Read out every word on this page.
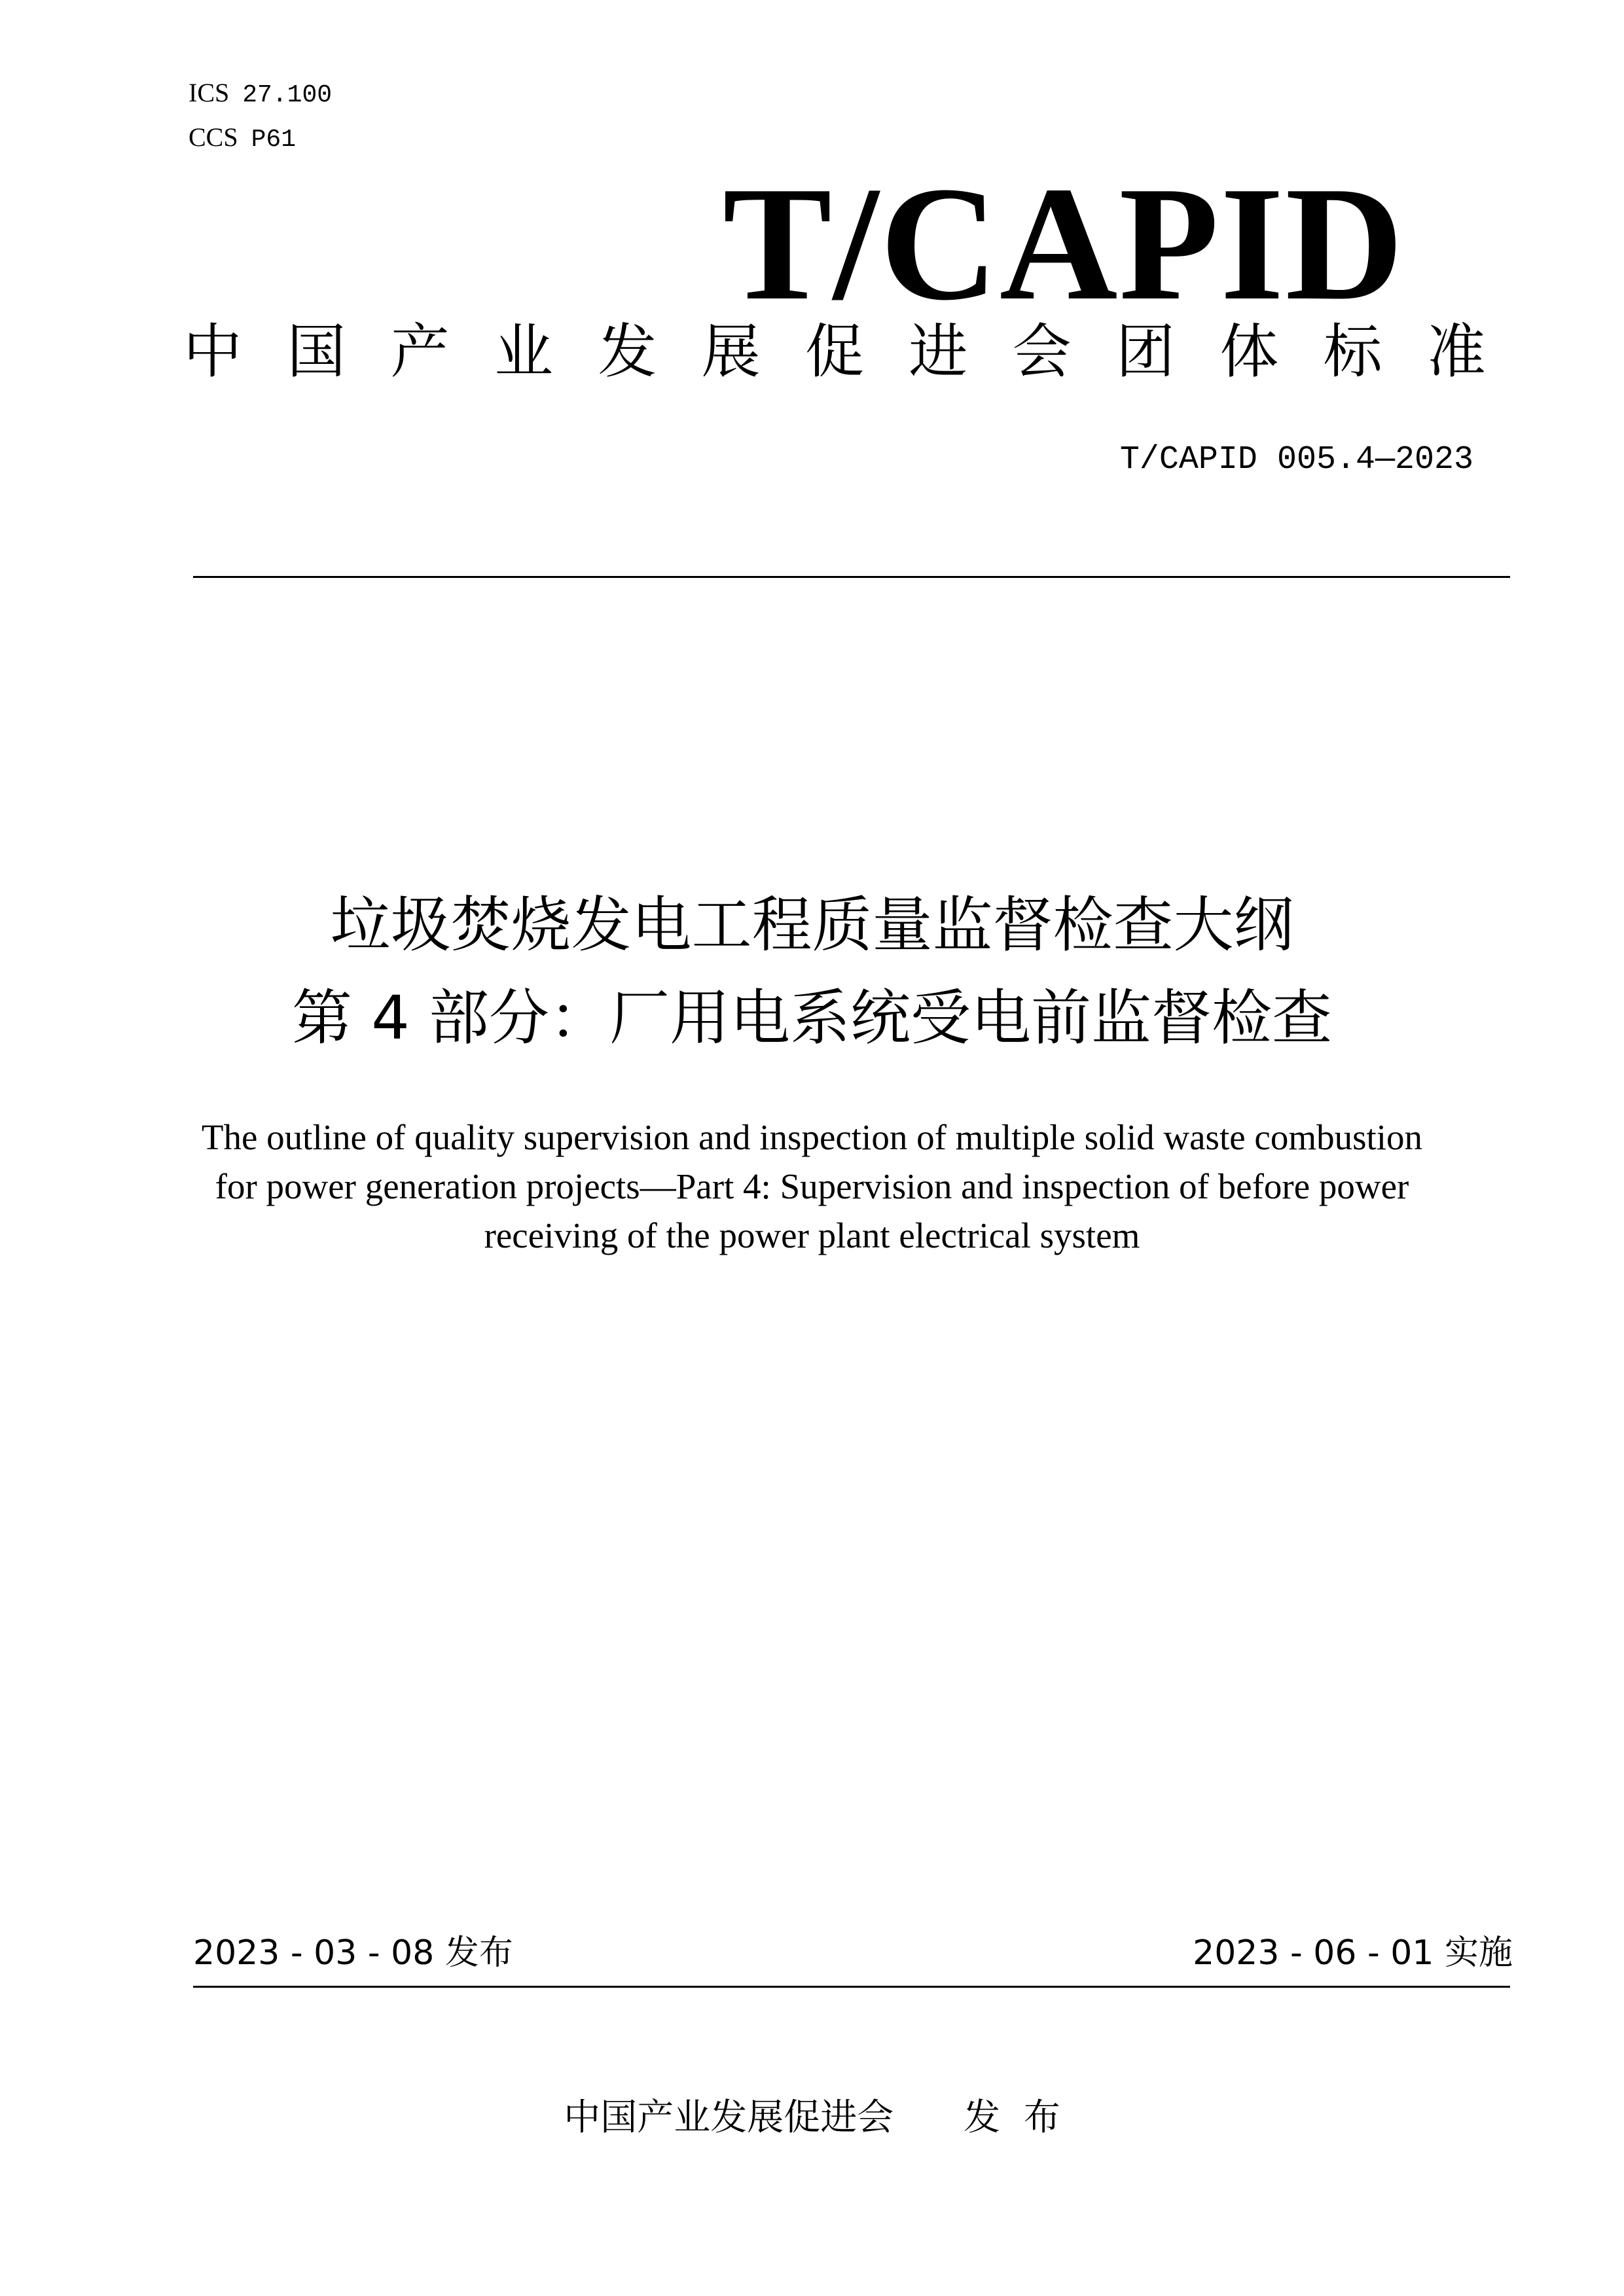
ICS 27.100
CCS P61
T/CAPID
中 国 产 业 发 展 促 进 会 团 体 标 准
T/CAPID 005.4—2023
垃圾焚烧发电工程质量监督检查大纲
第 4 部分：厂用电系统受电前监督检查
The outline of quality supervision and inspection of multiple solid waste combustion
for power generation projects—Part 4: Supervision and inspection of before power
receiving of the power plant electrical system
2023 - 03 - 08 发布	2023 - 06 - 01 实施
中国产业发展促进会      发  布
